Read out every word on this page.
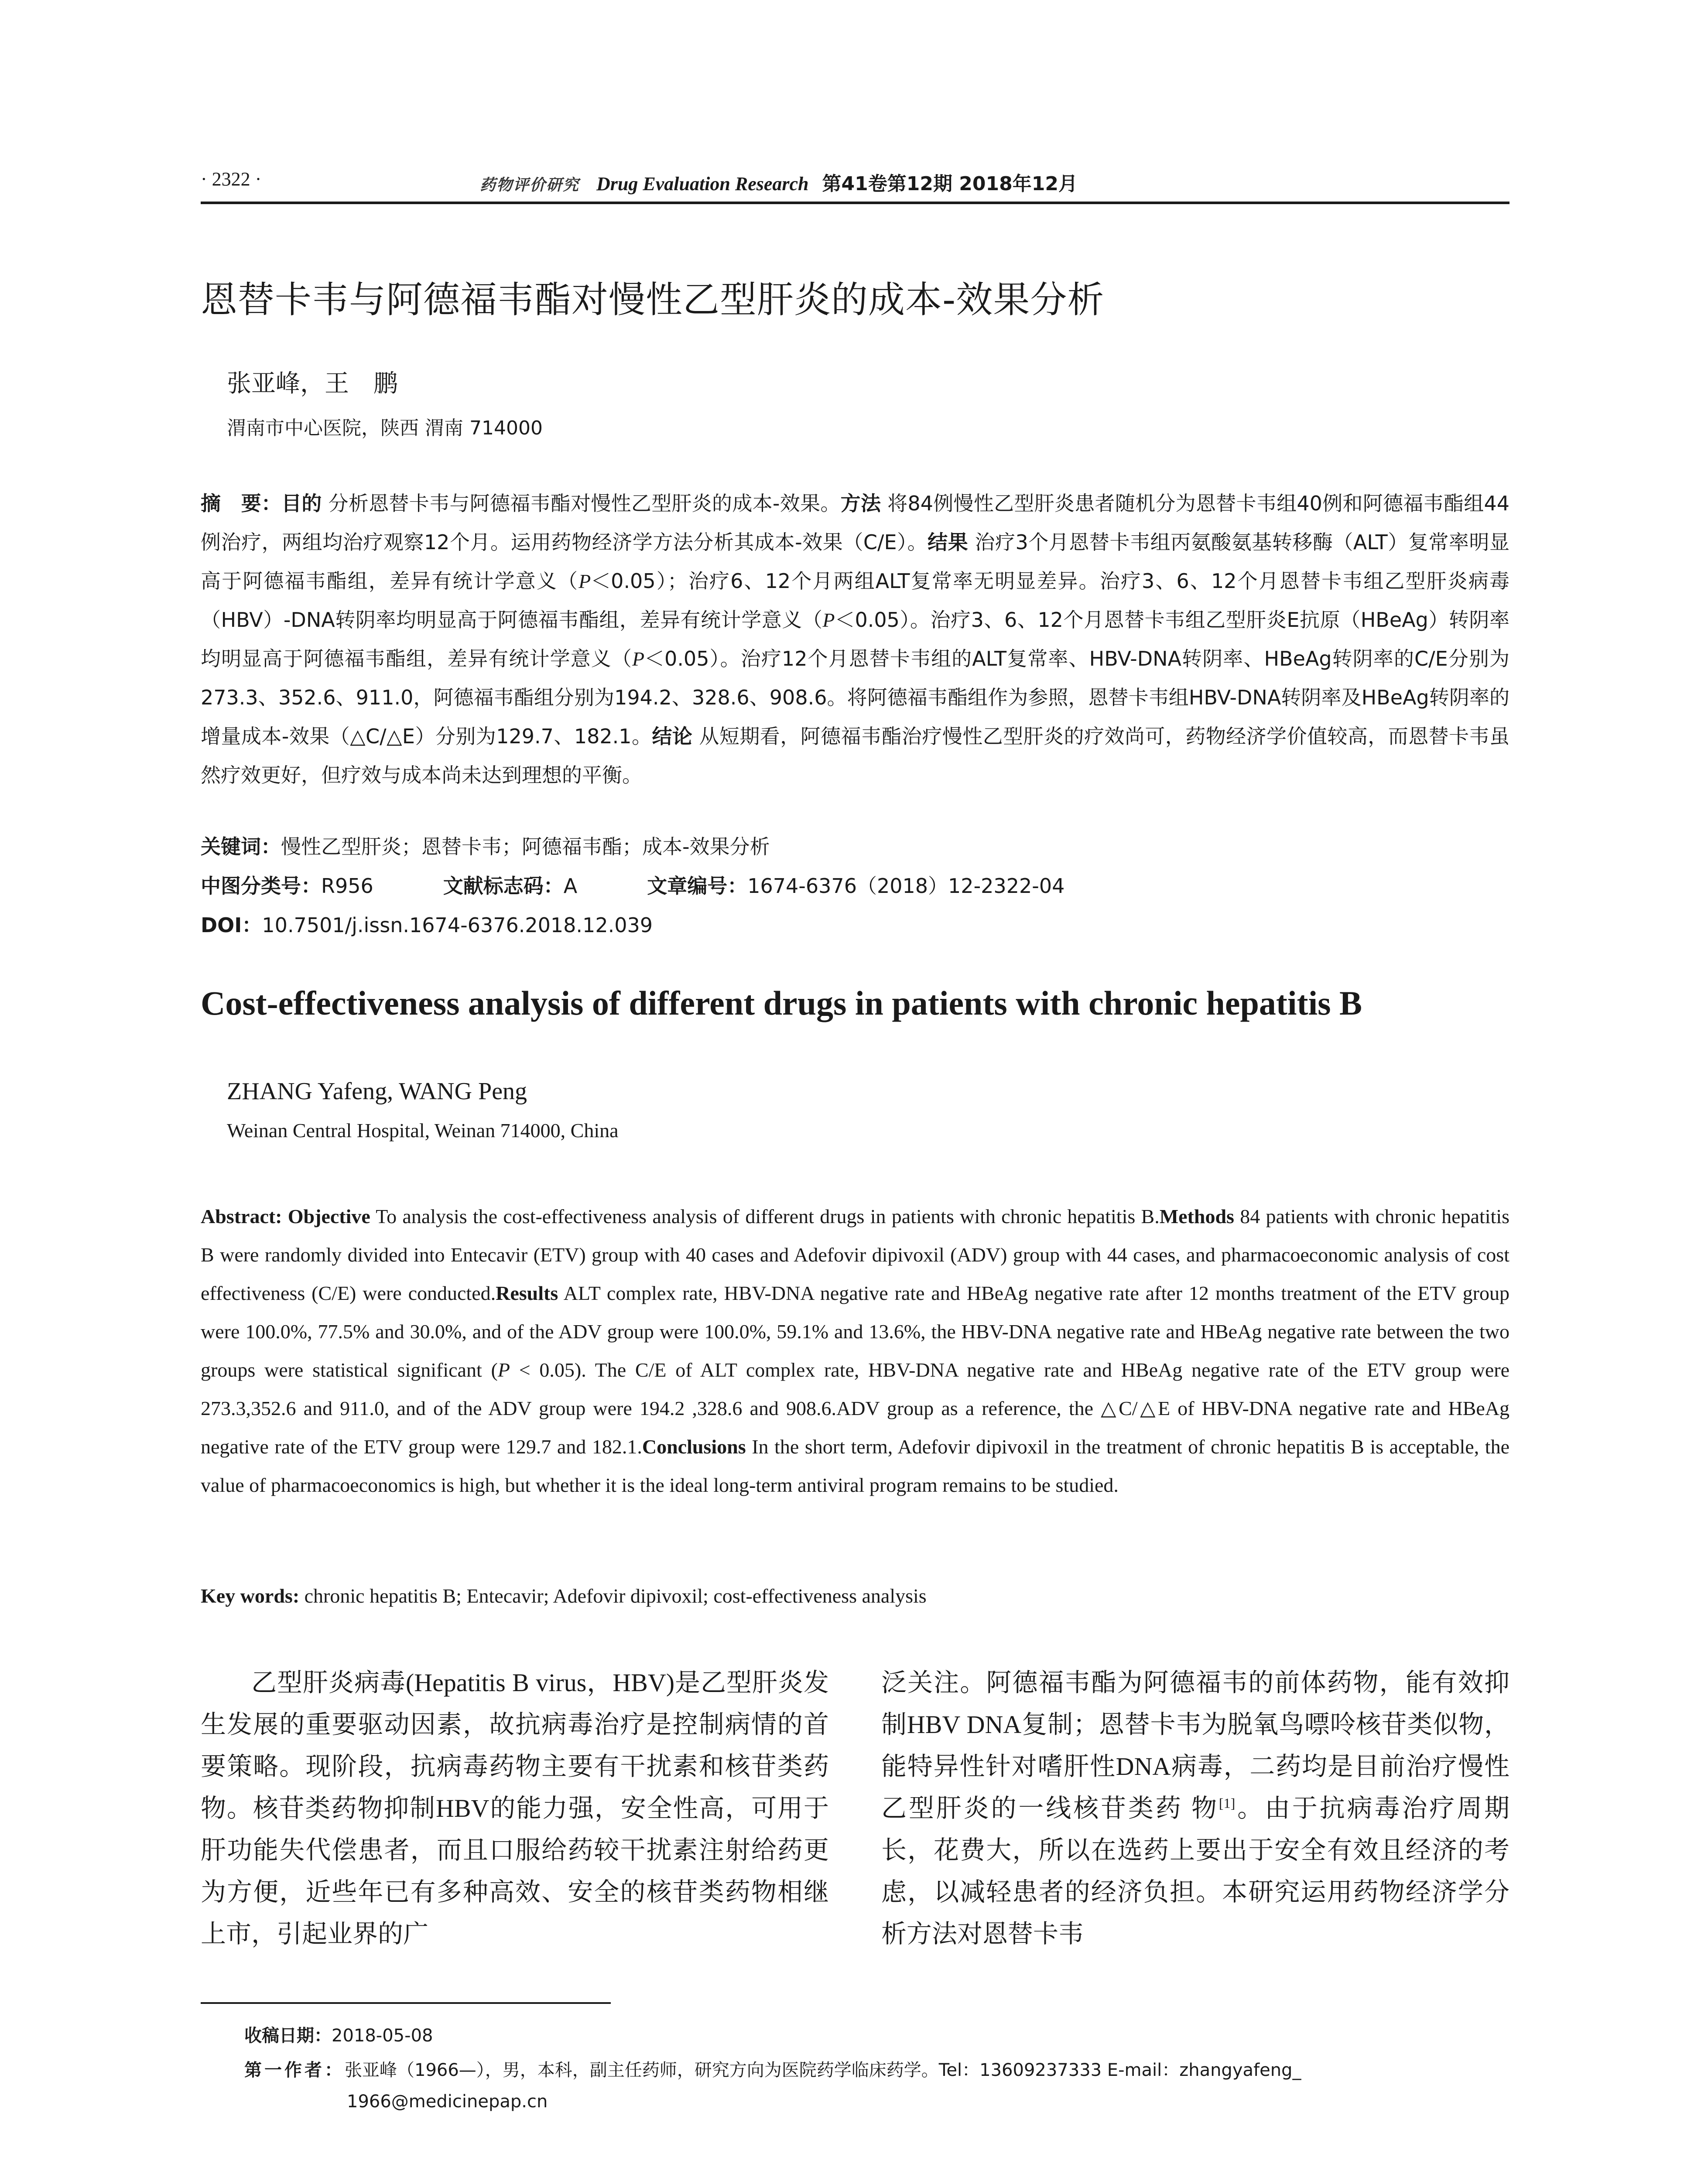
· 2322 ·	药物评价研究 Drug Evaluation Research 第41卷第12期 2018年12月
恩替卡韦与阿德福韦酯对慢性乙型肝炎的成本-效果分析
张亚峰，王　鹏
渭南市中心医院，陕西 渭南 714000
摘　要：目的 分析恩替卡韦与阿德福韦酯对慢性乙型肝炎的成本-效果。方法 将84例慢性乙型肝炎患者随机分为恩替卡韦组40例和阿德福韦酯组44例治疗，两组均治疗观察12个月。运用药物经济学方法分析其成本-效果（C/E）。结果 治疗3个月恩替卡韦组丙氨酸氨基转移酶（ALT）复常率明显高于阿德福韦酯组，差异有统计学意义（P＜0.05）；治疗6、12个月两组ALT复常率无明显差异。治疗3、6、12个月恩替卡韦组乙型肝炎病毒（HBV）-DNA转阴率均明显高于阿德福韦酯组，差异有统计学意义（P＜0.05）。治疗3、6、12个月恩替卡韦组乙型肝炎E抗原（HBeAg）转阴率均明显高于阿德福韦酯组，差异有统计学意义（P＜0.05）。治疗12个月恩替卡韦组的ALT复常率、HBV-DNA转阴率、HBeAg转阴率的C/E分别为273.3、352.6、911.0，阿德福韦酯组分别为194.2、328.6、908.6。将阿德福韦酯组作为参照，恩替卡韦组HBV-DNA转阴率及HBeAg转阴率的增量成本-效果（△C/△E）分别为129.7、182.1。结论 从短期看，阿德福韦酯治疗慢性乙型肝炎的疗效尚可，药物经济学价值较高，而恩替卡韦虽然疗效更好，但疗效与成本尚未达到理想的平衡。
关键词：慢性乙型肝炎；恩替卡韦；阿德福韦酯；成本-效果分析
中图分类号：R956	文献标志码：A	文章编号：1674-6376（2018）12-2322-04
DOI：10.7501/j.issn.1674-6376.2018.12.039
Cost-effectiveness analysis of different drugs in patients with chronic hepatitis B
ZHANG Yafeng, WANG Peng
Weinan Central Hospital, Weinan 714000, China
Abstract: Objective To analysis the cost-effectiveness analysis of different drugs in patients with chronic hepatitis B.Methods 84 patients with chronic hepatitis B were randomly divided into Entecavir (ETV) group with 40 cases and Adefovir dipivoxil (ADV) group with 44 cases, and pharmacoeconomic analysis of cost effectiveness (C/E) were conducted.Results ALT complex rate, HBV-DNA negative rate and HBeAg negative rate after 12 months treatment of the ETV group were 100.0%, 77.5% and 30.0%, and of the ADV group were 100.0%, 59.1% and 13.6%, the HBV-DNA negative rate and HBeAg negative rate between the two groups were statistical significant (P < 0.05). The C/E of ALT complex rate, HBV-DNA negative rate and HBeAg negative rate of the ETV group were 273.3,352.6 and 911.0, and of the ADV group were 194.2 ,328.6 and 908.6.ADV group as a reference, the △C/△E of HBV-DNA negative rate and HBeAg negative rate of the ETV group were 129.7 and 182.1.Conclusions In the short term, Adefovir dipivoxil in the treatment of chronic hepatitis B is acceptable, the value of pharmacoeconomics is high, but whether it is the ideal long-term antiviral program remains to be studied.
Key words: chronic hepatitis B; Entecavir; Adefovir dipivoxil; cost-effectiveness analysis

乙型肝炎病毒(Hepatitis B virus，HBV)是乙型肝炎发生发展的重要驱动因素，故抗病毒治疗是控制病情的首要策略。现阶段，抗病毒药物主要有干扰素和核苷类药物。核苷类药物抑制HBV的能力强，安全性高，可用于肝功能失代偿患者，而且口服给药较干扰素注射给药更为方便，近些年已有多种高效、安全的核苷类药物相继上市，引起业界的广

泛关注。阿德福韦酯为阿德福韦的前体药物，能有效抑制HBV DNA复制；恩替卡韦为脱氧鸟嘌呤核苷类似物，能特异性针对嗜肝性DNA病毒，二药均是目前治疗慢性乙型肝炎的一线核苷类药 物[1]。由于抗病毒治疗周期长，花费大，所以在选药上要出于安全有效且经济的考虑，以减轻患者的经济负担。本研究运用药物经济学分析方法对恩替卡韦

收稿日期：2018-05-08
第一作者：张亚峰（1966—），男，本科，副主任药师，研究方向为医院药学临床药学。Tel：13609237333 E-mail：zhangyafeng_
1966@medicinepap.cn
